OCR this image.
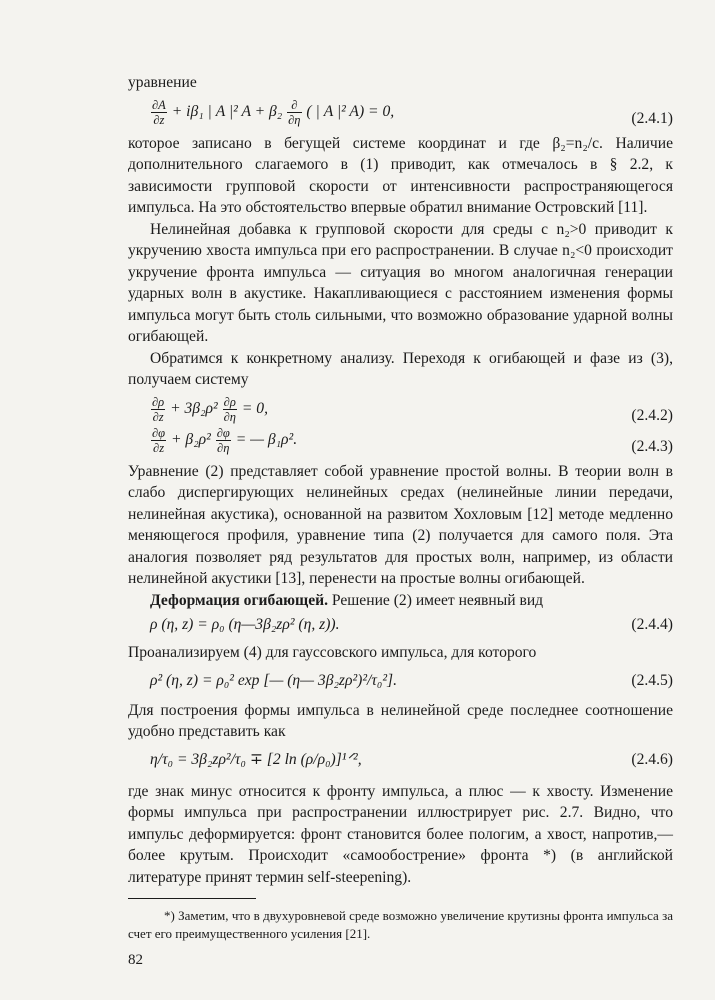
уравнение

$\frac{\partial A}{\partial z} + i\beta_1$ | A |² $A + \beta_2 \frac{\partial}{\partial\eta}$ ( | A |² A) = 0,	(2.4.1)

которое записано в бегущей системе координат и где β₂=n₂/c. Наличие дополнительного слагаемого в (1) приводит, как отмечалось в § 2.2, к зависимости групповой скорости от интенсивности распространяющегося импульса. На это обстоятельство впервые обратил внимание Островский [11].

Нелинейная добавка к групповой скорости для среды с n₂>0 приводит к укручению хвоста импульса при его распространении. В случае n₂<0 происходит укручение фронта импульса — ситуация во многом аналогичная генерации ударных волн в акустике. Накапливающиеся с расстоянием изменения формы импульса могут быть столь сильными, что возможно образование ударной волны огибающей.

Обратимся к конкретному анализу. Переходя к огибающей и фазе из (3), получаем систему

$\frac{\partial\rho}{\partial z} + 3\beta_2\rho^2 \frac{\partial\rho}{\partial\eta} = 0$,	(2.4.2)
$\frac{\partial\varphi}{\partial z} + \beta_2\rho^2 \frac{\partial\varphi}{\partial\eta}$ = — β₁ρ².	(2.4.3)

Уравнение (2) представляет собой уравнение простой волны. В теории волн в слабо диспергирующих нелинейных средах (нелинейные линии передачи, нелинейная акустика), основанной на развитом Хохловым [12] методе медленно меняющегося профиля, уравнение типа (2) получается для самого поля. Эта аналогия позволяет ряд результатов для простых волн, например, из области нелинейной акустики [13], перенести на простые волны огибающей.

Деформация огибающей. Решение (2) имеет неявный вид

ρ (η, z) = ρ₀ (η—3β₂zρ² (η, z)).	(2.4.4)

Проанализируем (4) для гауссовского импульса, для которого

ρ² (η, z) = ρ₀² exp [— (η— 3β₂zρ²)²/τ₀²].	(2.4.5)

Для построения формы импульса в нелинейной среде последнее соотношение удобно представить как

η/τ₀ = 3β₂zρ²/τ₀ ∓ [2 ln (ρ/ρ₀)]¹ᐟ²,	(2.4.6)

где знак минус относится к фронту импульса, а плюс — к хвосту. Изменение формы импульса при распространении иллюстрирует рис. 2.7. Видно, что импульс деформируется: фронт становится более пологим, а хвост, напротив,— более крутым. Происходит «самообострение» фронта *) (в английской литературе принят термин self-steepening).

*) Заметим, что в двухуровневой среде возможно увеличение крутизны фронта импульса за счет его преимущественного усиления [21].

82
